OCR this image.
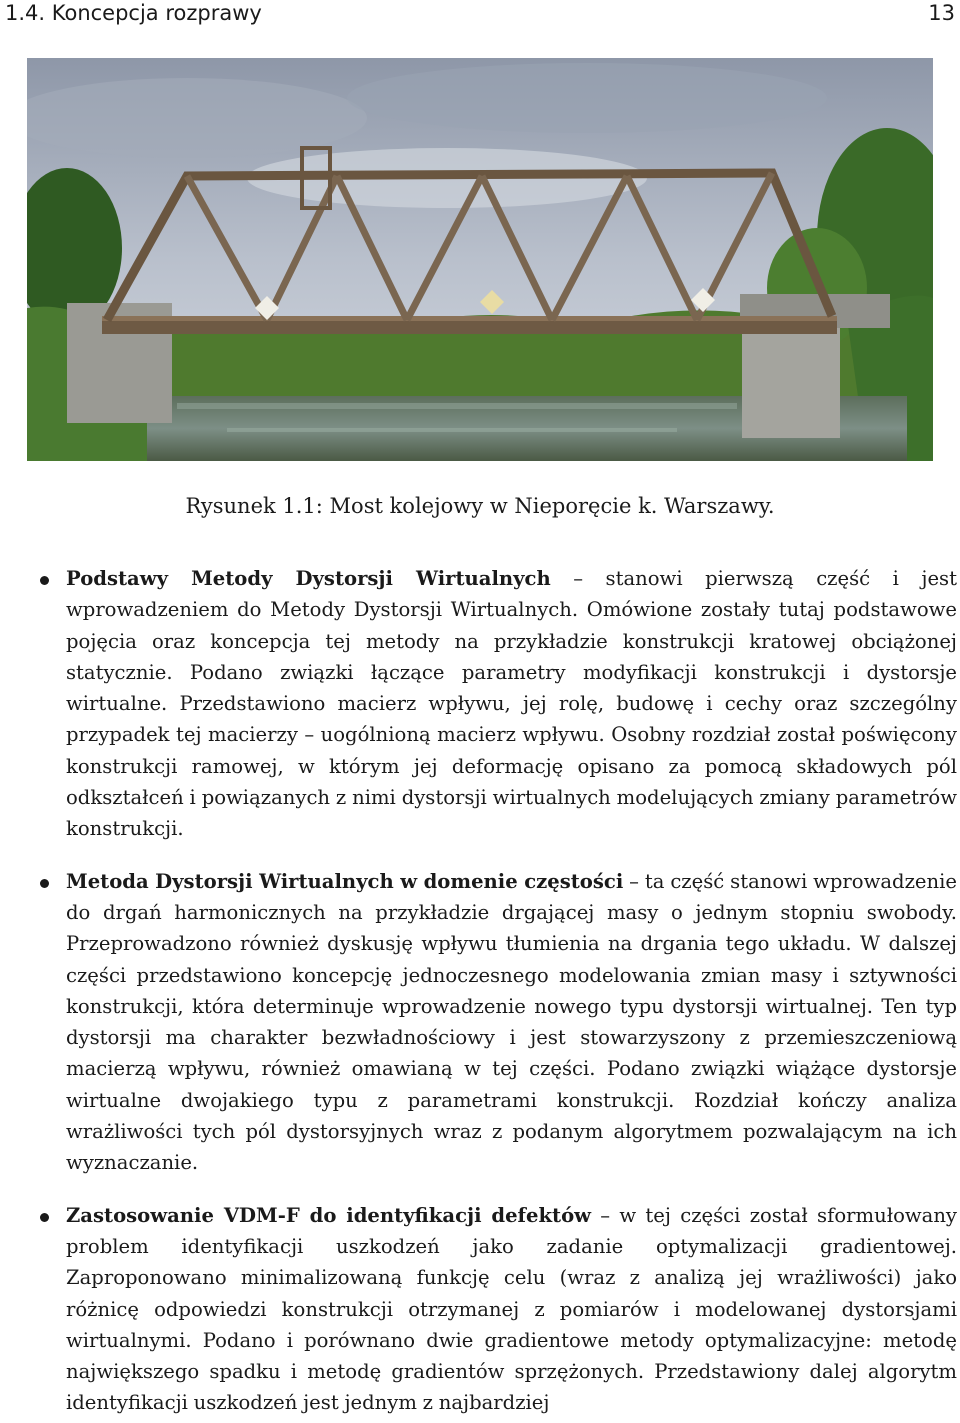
1.4. Koncepcja rozprawy	13
Rysunek 1.1: Most kolejowy w Nieporęcie k. Warszawy.
Podstawy Metody Dystorsji Wirtualnych – stanowi pierwszą część i jest wprowadzeniem do Metody Dystorsji Wirtualnych. Omówione zostały tutaj podstawowe pojęcia oraz koncepcja tej metody na przykładzie konstrukcji kratowej obciążonej statycznie. Podano związki łączące parametry modyfikacji konstrukcji i dystorsje wirtualne. Przedstawiono macierz wpływu, jej rolę, budowę i cechy oraz szczególny przypadek tej macierzy – uogólnioną macierz wpływu. Osobny rozdział został poświęcony konstrukcji ramowej, w którym jej deformację opisano za pomocą składowych pól odkształceń i powiązanych z nimi dystorsji wirtualnych modelujących zmiany parametrów konstrukcji.
Metoda Dystorsji Wirtualnych w domenie częstości – ta część stanowi wprowadzenie do drgań harmonicznych na przykładzie drgającej masy o jednym stopniu swobody. Przeprowadzono również dyskusję wpływu tłumienia na drgania tego układu. W dalszej części przedstawiono koncepcję jednoczesnego modelowania zmian masy i sztywności konstrukcji, która determinuje wprowadzenie nowego typu dystorsji wirtualnej. Ten typ dystorsji ma charakter bezwładnościowy i jest stowarzyszony z przemieszczeniową macierzą wpływu, również omawianą w tej części. Podano związki wiążące dystorsje wirtualne dwojakiego typu z parametrami konstrukcji. Rozdział kończy analiza wrażliwości tych pól dystorsyjnych wraz z podanym algorytmem pozwalającym na ich wyznaczanie.
Zastosowanie VDM-F do identyfikacji defektów – w tej części został sformułowany problem identyfikacji uszkodzeń jako zadanie optymalizacji gradientowej. Zaproponowano minimalizowaną funkcję celu (wraz z analizą jej wrażliwości) jako różnicę odpowiedzi konstrukcji otrzymanej z pomiarów i modelowanej dystorsjami wirtualnymi. Podano i porównano dwie gradientowe metody optymalizacyjne: metodę największego spadku i metodę gradientów sprzężonych. Przedstawiony dalej algorytm identyfikacji uszkodzeń jest jednym z najbardziej
